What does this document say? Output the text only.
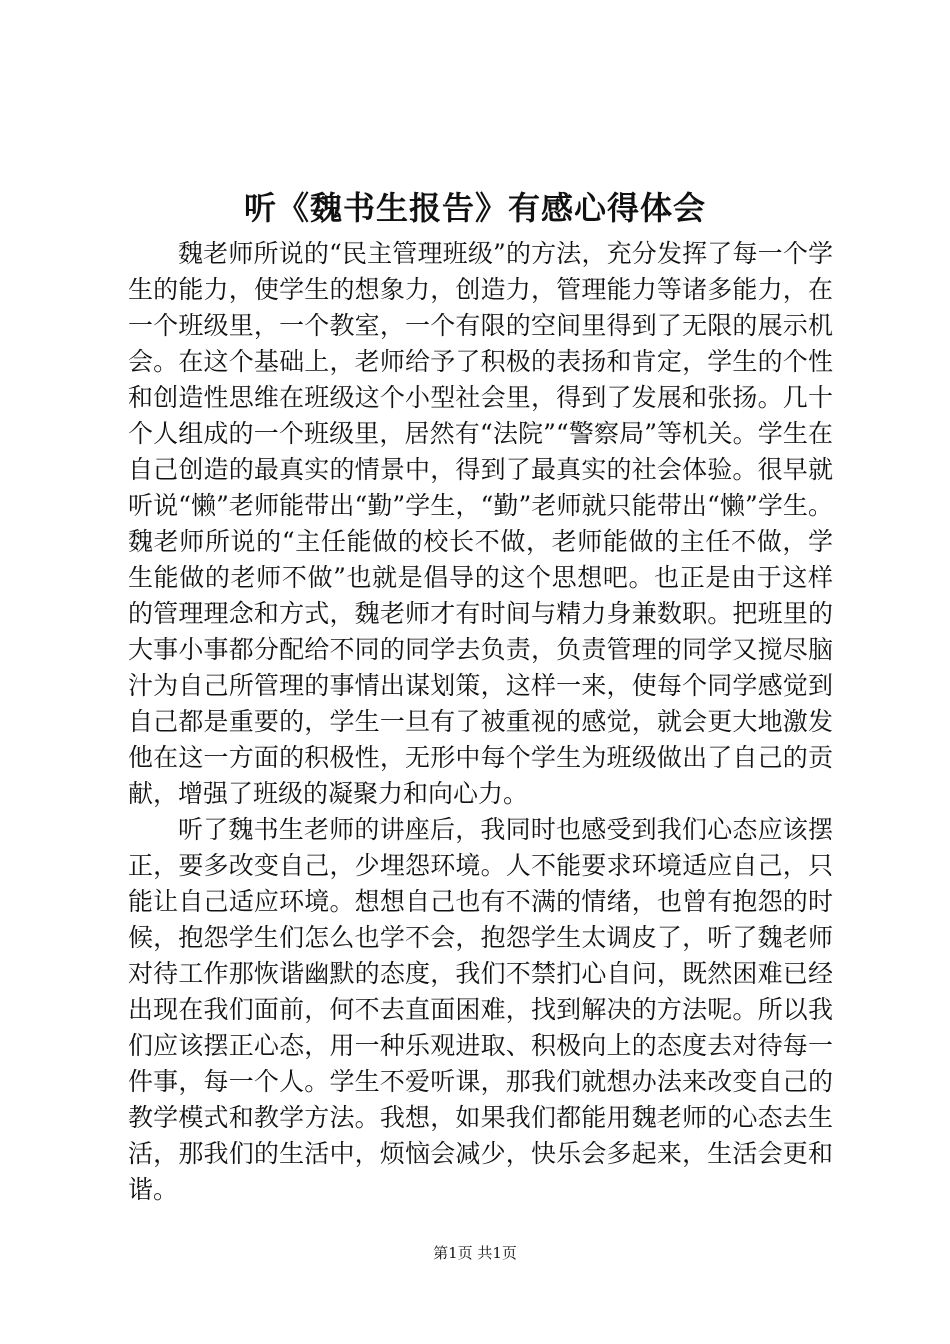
听《魏书生报告》有感心得体会

魏老师所说的“民主管理班级”的方法，充分发挥了每一个学生的能力，使学生的想象力，创造力，管理能力等诸多能力，在一个班级里，一个教室，一个有限的空间里得到了无限的展示机会。在这个基础上，老师给予了积极的表扬和肯定，学生的个性和创造性思维在班级这个小型社会里，得到了发展和张扬。几十个人组成的一个班级里，居然有“法院”“警察局”等机关。学生在自己创造的最真实的情景中，得到了最真实的社会体验。很早就听说“懒”老师能带出“勤”学生，“勤”老师就只能带出“懒”学生。魏老师所说的“主任能做的校长不做，老师能做的主任不做，学生能做的老师不做”也就是倡导的这个思想吧。也正是由于这样的管理理念和方式，魏老师才有时间与精力身兼数职。把班里的大事小事都分配给不同的同学去负责，负责管理的同学又搅尽脑汁为自己所管理的事情出谋划策，这样一来，使每个同学感觉到自己都是重要的，学生一旦有了被重视的感觉，就会更大地激发他在这一方面的积极性，无形中每个学生为班级做出了自己的贡献，增强了班级的凝聚力和向心力。

听了魏书生老师的讲座后，我同时也感受到我们心态应该摆正，要多改变自己，少埋怨环境。人不能要求环境适应自己，只能让自己适应环境。想想自己也有不满的情绪，也曾有抱怨的时候，抱怨学生们怎么也学不会，抱怨学生太调皮了，听了魏老师对待工作那恢谐幽默的态度，我们不禁扪心自问，既然困难已经出现在我们面前，何不去直面困难，找到解决的方法呢。所以我们应该摆正心态，用一种乐观进取、积极向上的态度去对待每一件事，每一个人。学生不爱听课，那我们就想办法来改变自己的教学模式和教学方法。我想，如果我们都能用魏老师的心态去生活，那我们的生活中，烦恼会减少，快乐会多起来，生活会更和谐。

第1页 共1页
